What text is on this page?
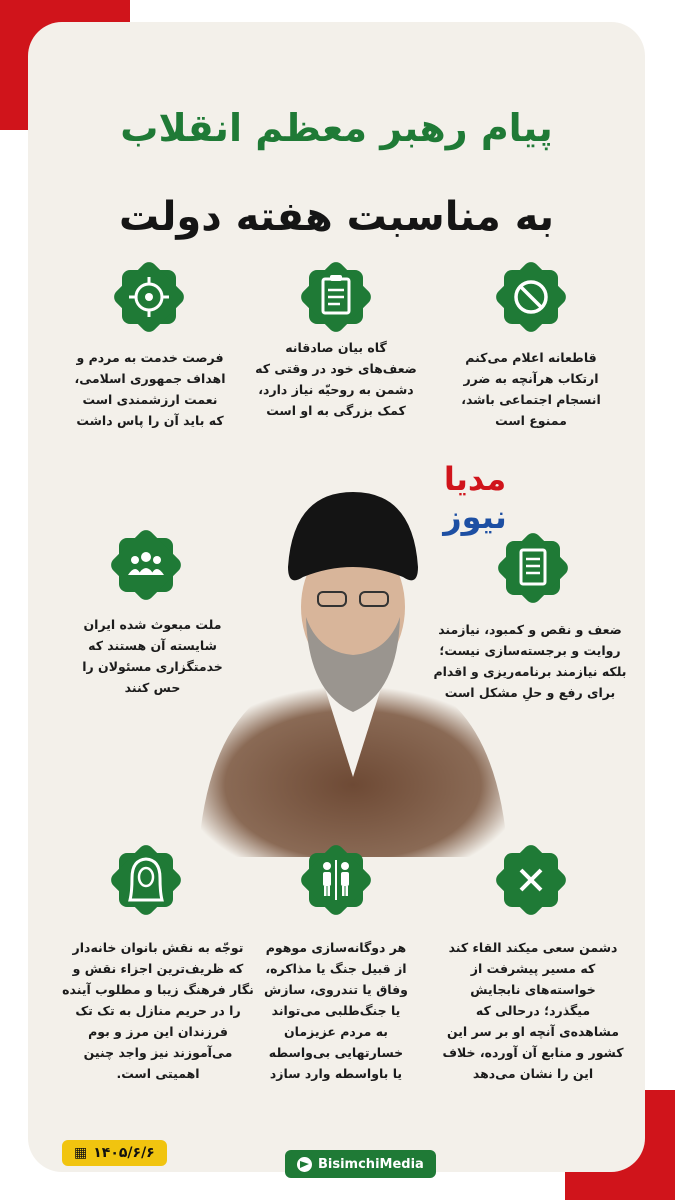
پیام رهبر معظم انقلاب
به مناسبت هفته دولت
فرصت خدمت به مردم و
اهداف جمهوری اسلامی،
نعمت ارزشمندی است
که باید آن را پاس داشت
گاه بیان صادقانه
ضعف‌های خود در وقتی که
دشمن به روحیّه نیاز دارد،
کمک بزرگی به او است
قاطعانه اعلام می‌کنم
ارتکاب هرآنچه به ضرر
انسجام اجتماعی باشد،
ممنوع است
مدیا
نیوز
ملت مبعوث شده ایران
شایسته آن هستند که
خدمتگزاری مسئولان را
حس کنند
ضعف و نقص و کمبود، نیازمند
روایت و برجسته‌سازی نیست؛
بلکه نیازمند برنامه‌ریزی و اقدام
برای رفع و حلِ مشکل است
توجّه به نقش بانوان خانه‌دار
که ظریف‌ترین اجزاء نقش و
نگار فرهنگ زیبا و مطلوب آینده
را در حریم منازل به تک تک
فرزندان این مرز و بوم
می‌آموزند نیز واجد چنین
اهمیتی است.
هر دوگانه‌سازی موهوم
از قبیل جنگ یا مذاکره،
وفاق یا تندروی، سازش
یا جنگ‌طلبی می‌تواند
به مردم عزیزمان
خسارتهایی بی‌واسطه
یا باواسطه وارد سازد
دشمن سعی میکند القاء کند
که مسیر پیشرفت از
خواسته‌های نابجایش
میگذرد؛ درحالی که
مشاهده‌ی آنچه او بر سر این
کشور و منابع آن آورده، خلاف
این را نشان می‌دهد
▦ ۱۴۰۵/۶/۶
BisimchiMedia
